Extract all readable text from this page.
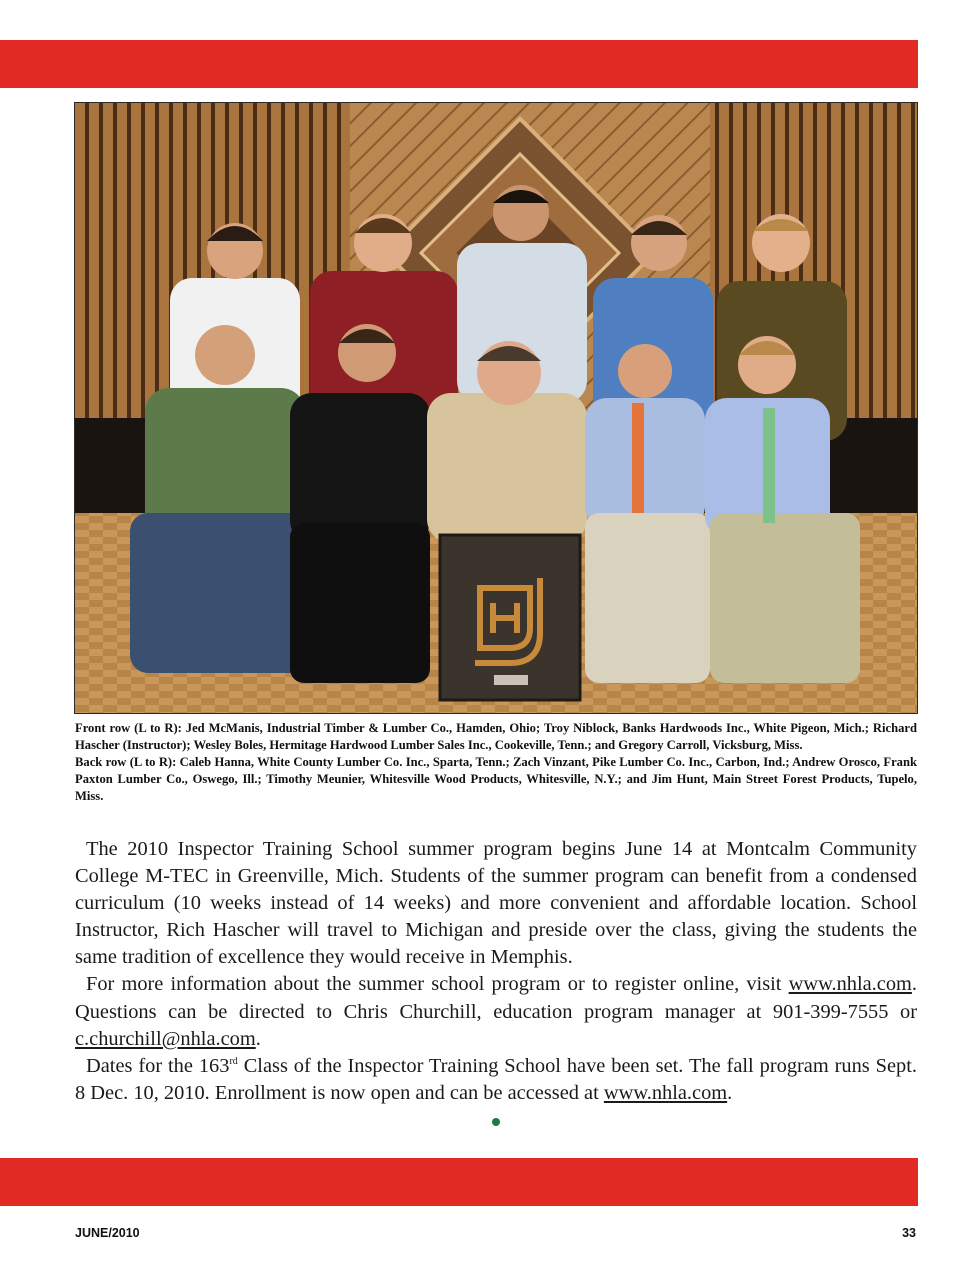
Front row (L to R): Jed McManis, Industrial Timber & Lumber Co., Hamden, Ohio; Troy Niblock, Banks Hardwoods Inc., White Pigeon, Mich.; Richard Hascher (Instructor); Wesley Boles, Hermitage Hardwood Lumber Sales Inc., Cookeville, Tenn.; and Gregory Carroll, Vicksburg, Miss.

Back row (L to R): Caleb Hanna, White County Lumber Co. Inc., Sparta, Tenn.; Zach Vinzant, Pike Lumber Co. Inc., Carbon, Ind.; Andrew Orosco, Frank Paxton Lumber Co., Oswego, Ill.; Timothy Meunier, Whitesville Wood Products, Whitesville, N.Y.; and Jim Hunt, Main Street Forest Products, Tupelo, Miss.

The 2010 Inspector Training School summer program begins June 14 at Montcalm Community College M-TEC in Greenville, Mich. Students of the summer program can benefit from a condensed curriculum (10 weeks instead of 14 weeks) and more convenient and affordable location. School Instructor, Rich Hascher will travel to Michigan and preside over the class, giving the students the same tradition of excellence they would receive in Memphis.

For more information about the summer school program or to register online, visit www.nhla.com. Questions can be directed to Chris Churchill, education program manager at 901-399-7555 or c.churchill@nhla.com.

Dates for the 163rd Class of the Inspector Training School have been set. The fall program runs Sept. 8 Dec. 10, 2010. Enrollment is now open and can be accessed at www.nhla.com.

JUNE/2010	33
